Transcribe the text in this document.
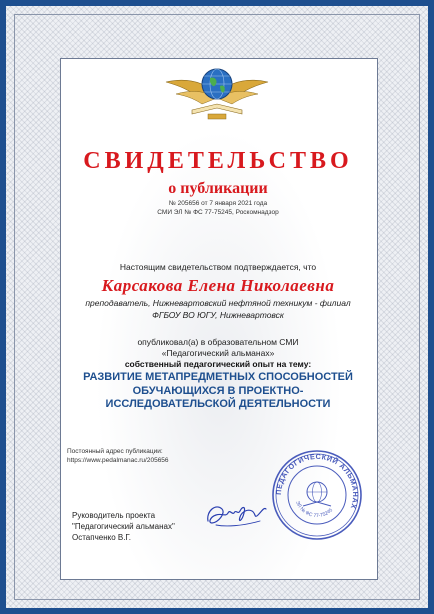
СВИДЕТЕЛЬСТВО
о публикации
№ 205656 от 7 января 2021 года
СМИ ЭЛ № ФС 77-75245, Роскомнадзор
Настоящим свидетельством подтверждается, что
Карсакова Елена Николаевна
преподаватель, Нижневартовский нефтяной техникум - филиал
ФГБОУ ВО ЮГУ, Нижневартовск
опубликовал(а) в образовательном СМИ
«Педагогический альманах»
собственный педагогический опыт на тему:
РАЗВИТИЕ МЕТАПРЕДМЕТНЫХ СПОСОБНОСТЕЙ
ОБУЧАЮЩИХСЯ В ПРОЕКТНО-
ИССЛЕДОВАТЕЛЬСКОЙ ДЕЯТЕЛЬНОСТИ
Постоянный адрес публикации:
https://www.pedalmanac.ru/205656
Руководитель проекта
"Педагогический альманах"
Остапченко В.Г.
ПЕДАГОГИЧЕСКИЙ АЛЬМАНАХ
ЭЛ № ФС 77-75245
